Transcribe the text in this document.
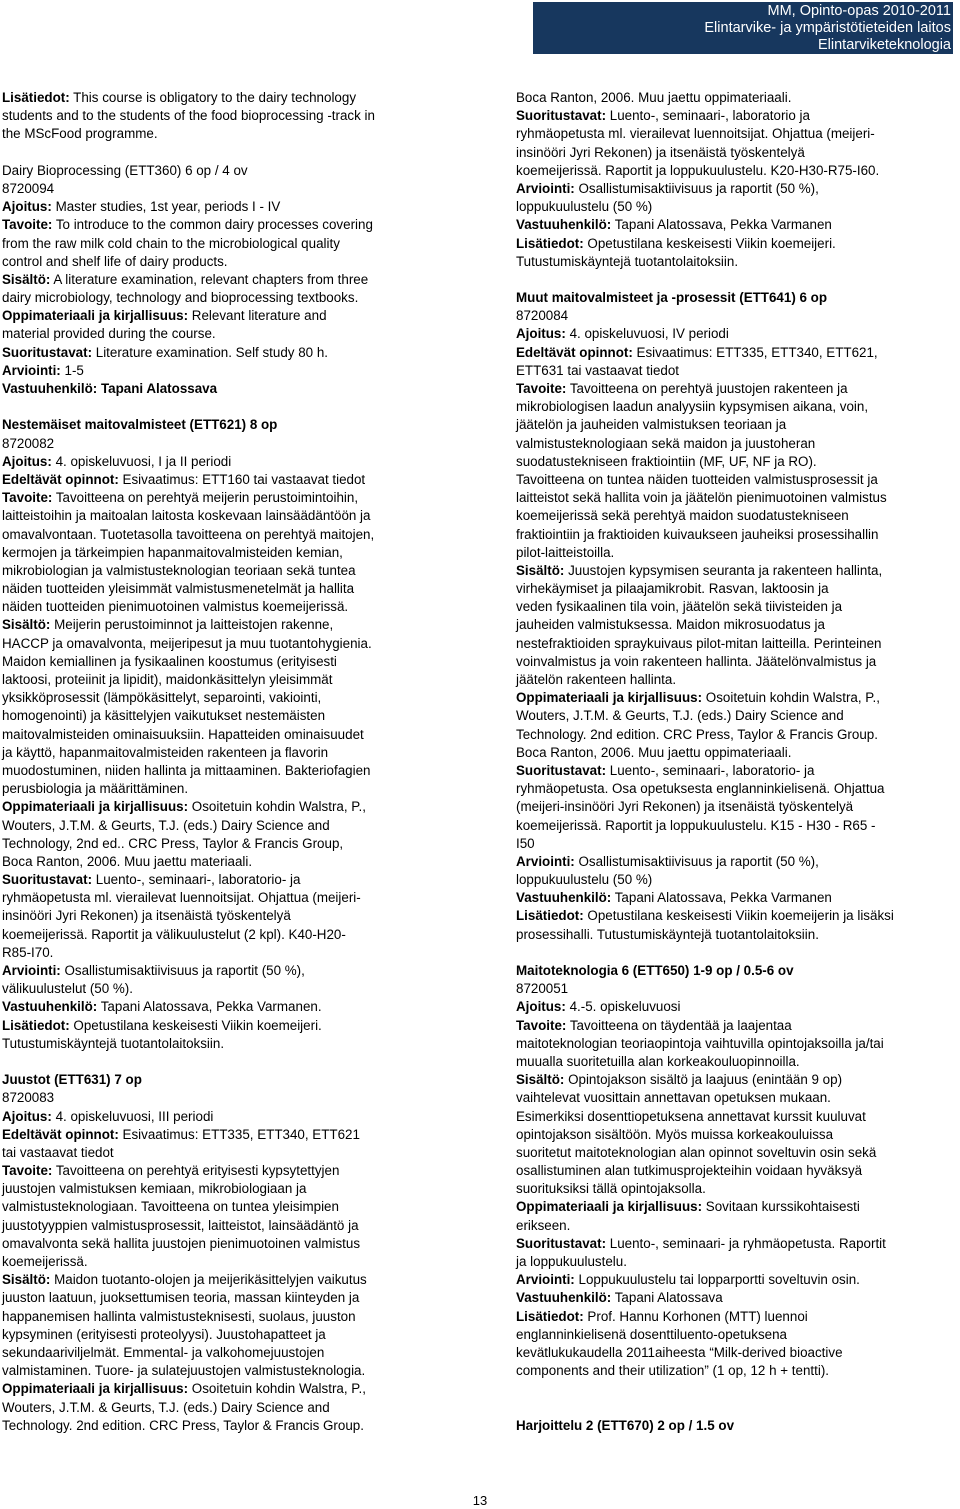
MM, Opinto-opas 2010-2011
Elintarvike- ja ympäristötieteiden laitos
Elintarviketeknologia
Lisätiedot: This course is obligatory to the dairy technology
students and to the students of the food bioprocessing -track in
the MScFood programme.
Dairy Bioprocessing (ETT360) 6 op / 4 ov
8720094
Ajoitus: Master studies, 1st year, periods I - IV
Tavoite: To introduce to the common dairy processes covering
from the raw milk cold chain to the microbiological quality
control and shelf life of dairy products.
Sisältö: A literature examination, relevant chapters from three
dairy microbiology, technology and bioprocessing textbooks.
Oppimateriaali ja kirjallisuus: Relevant literature and
material provided during the course.
Suoritustavat: Literature examination. Self study 80 h.
Arviointi: 1-5
Vastuuhenkilö: Tapani Alatossava
Nestemäiset maitovalmisteet (ETT621) 8 op
8720082
Ajoitus: 4. opiskeluvuosi, I ja II periodi
Edeltävät opinnot: Esivaatimus: ETT160 tai vastaavat tiedot
Tavoite: Tavoitteena on perehtyä meijerin perustoimintoihin,
laitteistoihin ja maitoalan laitosta koskevaan lainsäädäntöön ja
omavalvontaan. Tuotetasolla tavoitteena on perehtyä maitojen,
kermojen ja tärkeimpien hapanmaitovalmisteiden kemian,
mikrobiologian ja valmistusteknologian teoriaan sekä tuntea
näiden tuotteiden yleisimmät valmistusmenetelmät ja hallita
näiden tuotteiden pienimuotoinen valmistus koemeijerissä.
Sisältö: Meijerin perustoiminnot ja laitteistojen rakenne,
HACCP ja omavalvonta, meijeripesut ja muu tuotantohygienia.
Maidon kemiallinen ja fysikaalinen koostumus (erityisesti
laktoosi, proteiinit ja lipidit), maidonkäsittelyn yleisimmät
yksikköprosessit (lämpökäsittelyt, separointi, vakiointi,
homogenointi) ja käsittelyjen vaikutukset nestemäisten
maitovalmisteiden ominaisuuksiin. Hapatteiden ominaisuudet
ja käyttö, hapanmaitovalmisteiden rakenteen ja flavorin
muodostuminen, niiden hallinta ja mittaaminen. Bakteriofagien
perusbiologia ja määrittäminen.
Oppimateriaali ja kirjallisuus: Osoitetuin kohdin Walstra, P.,
Wouters, J.T.M. & Geurts, T.J. (eds.) Dairy Science and
Technology, 2nd ed.. CRC Press, Taylor & Francis Group,
Boca Ranton, 2006. Muu jaettu materiaali.
Suoritustavat: Luento-, seminaari-, laboratorio- ja
ryhmäopetusta ml. vierailevat luennoitsijat. Ohjattua (meijeri-
insinööri Jyri Rekonen) ja itsenäistä työskentelyä
koemeijerissä. Raportit ja välikuulustelut (2 kpl). K40-H20-
R85-I70.
Arviointi: Osallistumisaktiivisuus ja raportit (50 %),
välikuulustelut (50 %).
Vastuuhenkilö: Tapani Alatossava, Pekka Varmanen.
Lisätiedot: Opetustilana keskeisesti Viikin koemeijeri.
Tutustumiskäyntejä tuotantolaitoksiin.
Juustot (ETT631) 7 op
8720083
Ajoitus: 4. opiskeluvuosi, III periodi
Edeltävät opinnot: Esivaatimus: ETT335, ETT340, ETT621
tai vastaavat tiedot
Tavoite: Tavoitteena on perehtyä erityisesti kypsytettyjen
juustojen valmistuksen kemiaan, mikrobiologiaan ja
valmistusteknologiaan. Tavoitteena on tuntea yleisimpien
juustotyyppien valmistusprosessit, laitteistot, lainsäädäntö ja
omavalvonta sekä hallita juustojen pienimuotoinen valmistus
koemeijerissä.
Sisältö: Maidon tuotanto-olojen ja meijerikäsittelyjen vaikutus
juuston laatuun, juoksettumisen teoria, massan kiinteyden ja
happanemisen hallinta valmistusteknisesti, suolaus, juuston
kypsyminen (erityisesti proteolyysi). Juustohapatteet ja
sekundaariviljelmät. Emmental- ja valkohomejuustojen
valmistaminen. Tuore- ja sulatejuustojen valmistusteknologia.
Oppimateriaali ja kirjallisuus: Osoitetuin kohdin Walstra, P.,
Wouters, J.T.M. & Geurts, T.J. (eds.) Dairy Science and
Technology. 2nd edition. CRC Press, Taylor & Francis Group.
Boca Ranton, 2006. Muu jaettu oppimateriaali.
Suoritustavat: Luento-, seminaari-, laboratorio ja
ryhmäopetusta ml. vierailevat luennoitsijat. Ohjattua (meijeri-
insinööri Jyri Rekonen) ja itsenäistä työskentelyä
koemeijerissä. Raportit ja loppukuulustelu. K20-H30-R75-I60.
Arviointi: Osallistumisaktiivisuus ja raportit (50 %),
loppukuulustelu (50 %)
Vastuuhenkilö: Tapani Alatossava, Pekka Varmanen
Lisätiedot: Opetustilana keskeisesti Viikin koemeijeri.
Tutustumiskäyntejä tuotantolaitoksiin.
Muut maitovalmisteet ja -prosessit (ETT641) 6 op
8720084
Ajoitus: 4. opiskeluvuosi, IV periodi
Edeltävät opinnot: Esivaatimus: ETT335, ETT340, ETT621,
ETT631 tai vastaavat tiedot
Tavoite: Tavoitteena on perehtyä juustojen rakenteen ja
mikrobiologisen laadun analyysiin kypsymisen aikana, voin,
jäätelön ja jauheiden valmistuksen teoriaan ja
valmistusteknologiaan sekä maidon ja juustoheran
suodatustekniseen fraktiointiin (MF, UF, NF ja RO).
Tavoitteena on tuntea näiden tuotteiden valmistusprosessit ja
laitteistot sekä hallita voin ja jäätelön pienimuotoinen valmistus
koemeijerissä sekä perehtyä maidon suodatustekniseen
fraktiointiin ja fraktioiden kuivaukseen jauheiksi prosessihallin
pilot-laitteistoilla.
Sisältö: Juustojen kypsymisen seuranta ja rakenteen hallinta,
virhekäymiset ja pilaajamikrobit. Rasvan, laktoosin ja
veden fysikaalinen tila voin, jäätelön sekä tiivisteiden ja
jauheiden valmistuksessa. Maidon mikrosuodatus ja
nestefraktioiden spraykuivaus pilot-mitan laitteilla. Perinteinen
voinvalmistus ja voin rakenteen hallinta. Jäätelönvalmistus ja
jäätelön rakenteen hallinta.
Oppimateriaali ja kirjallisuus: Osoitetuin kohdin Walstra, P.,
Wouters, J.T.M. & Geurts, T.J. (eds.) Dairy Science and
Technology. 2nd edition. CRC Press, Taylor & Francis Group.
Boca Ranton, 2006. Muu jaettu oppimateriaali.
Suoritustavat: Luento-, seminaari-, laboratorio- ja
ryhmäopetusta. Osa opetuksesta englanninkielisenä. Ohjattua
(meijeri-insinööri Jyri Rekonen) ja itsenäistä työskentelyä
koemeijerissä. Raportit ja loppukuulustelu. K15 - H30 - R65 -
I50
Arviointi: Osallistumisaktiivisuus ja raportit (50 %),
loppukuulustelu (50 %)
Vastuuhenkilö: Tapani Alatossava, Pekka Varmanen
Lisätiedot: Opetustilana keskeisesti Viikin koemeijerin ja lisäksi
prosessihalli. Tutustumiskäyntejä tuotantolaitoksiin.
Maitoteknologia 6 (ETT650) 1-9 op / 0.5-6 ov
8720051
Ajoitus: 4.-5. opiskeluvuosi
Tavoite: Tavoitteena on täydentää ja laajentaa
maitoteknologian teoriaopintoja vaihtuvilla opintojaksoilla ja/tai
muualla suoritetuilla alan korkeakouluopinnoilla.
Sisältö: Opintojakson sisältö ja laajuus (enintään 9 op)
vaihtelevat vuosittain annettavan opetuksen mukaan.
Esimerkiksi dosenttiopetuksena annettavat kurssit kuuluvat
opintojakson sisältöön. Myös muissa korkeakouluissa
suoritetut maitoteknologian alan opinnot soveltuvin osin sekä
osallistuminen alan tutkimusprojekteihin voidaan hyväksyä
suorituksiksi tällä opintojaksolla.
Oppimateriaali ja kirjallisuus: Sovitaan kurssikohtaisesti
erikseen.
Suoritustavat: Luento-, seminaari- ja ryhmäopetusta. Raportit
ja loppukuulustelu.
Arviointi: Loppukuulustelu tai lopparportti soveltuvin osin.
Vastuuhenkilö: Tapani Alatossava
Lisätiedot: Prof. Hannu Korhonen (MTT) luennoi
englanninkielisenä dosenttiluento-opetuksena
kevätlukukaudella 2011aiheesta “Milk-derived bioactive
components and their utilization” (1 op, 12 h + tentti).
Harjoittelu 2 (ETT670) 2 op / 1.5 ov
13
